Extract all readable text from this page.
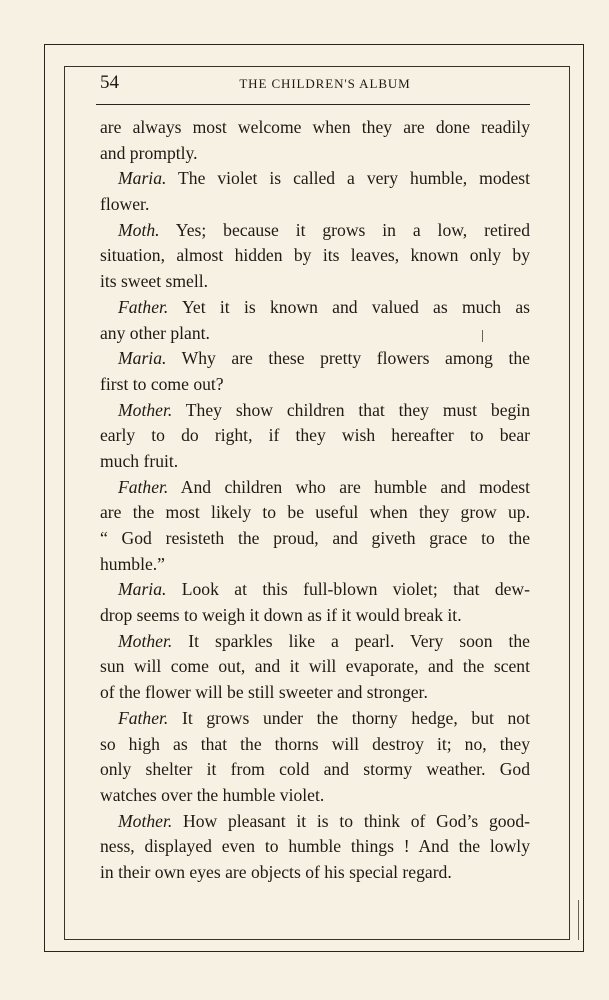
54	THE CHILDREN'S ALBUM
are always most welcome when they are done readily
and promptly.
Maria. The violet is called a very humble, modest
flower.
Moth. Yes; because it grows in a low, retired
situation, almost hidden by its leaves, known only by
its sweet smell.
Father. Yet it is known and valued as much as
any other plant.
Maria. Why are these pretty flowers among the
first to come out?
Mother. They show children that they must begin
early to do right, if they wish hereafter to bear
much fruit.
Father. And children who are humble and modest
are the most likely to be useful when they grow up.
“ God resisteth the proud, and giveth grace to the
humble.”
Maria. Look at this full-blown violet; that dew-
drop seems to weigh it down as if it would break it.
Mother. It sparkles like a pearl. Very soon the
sun will come out, and it will evaporate, and the scent
of the flower will be still sweeter and stronger.
Father. It grows under the thorny hedge, but not
so high as that the thorns will destroy it; no, they
only shelter it from cold and stormy weather. God
watches over the humble violet.
Mother. How pleasant it is to think of God’s good-
ness, displayed even to humble things ! And the lowly
in their own eyes are objects of his special regard.
